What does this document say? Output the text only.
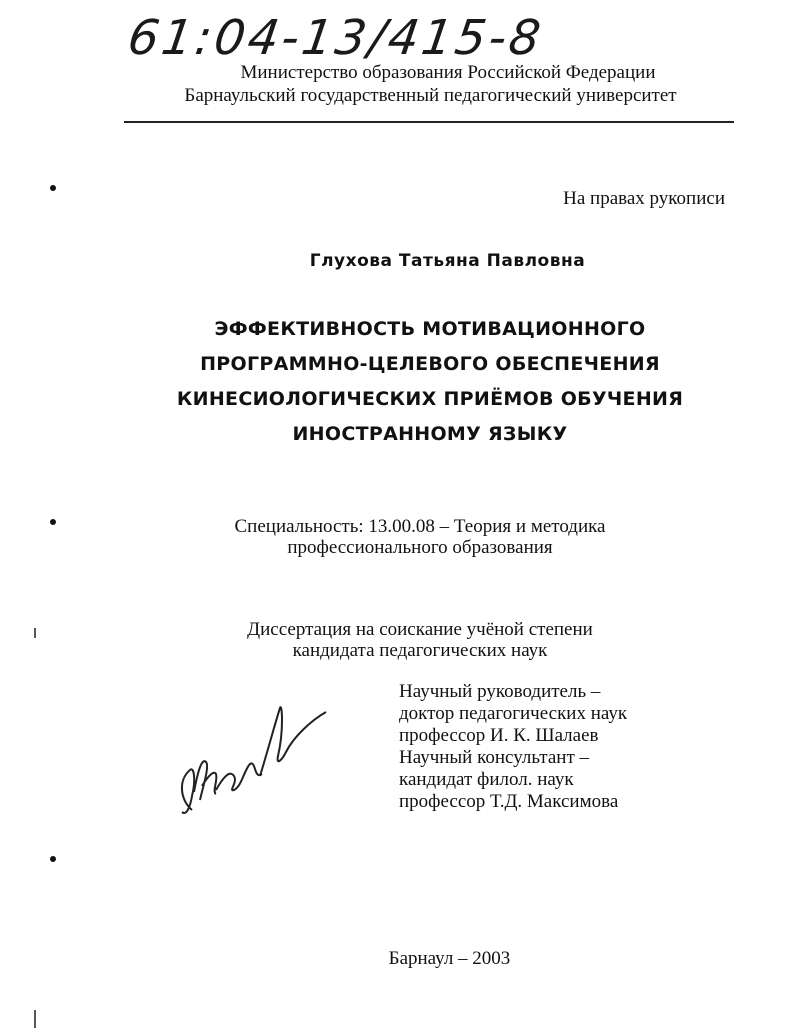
61:04-13/415-8
Министерство образования Российской Федерации
Барнаульский государственный педагогический университет
На правах рукописи
Глухова Татьяна Павловна
ЭФФЕКТИВНОСТЬ МОТИВАЦИОННОГО
ПРОГРАММНО-ЦЕЛЕВОГО ОБЕСПЕЧЕНИЯ
КИНЕСИОЛОГИЧЕСКИХ ПРИЁМОВ ОБУЧЕНИЯ
ИНОСТРАННОМУ ЯЗЫКУ
Специальность: 13.00.08 – Теория и методика
профессионального образования
Диссертация на соискание учёной степени
кандидата педагогических наук
Научный руководитель –
доктор педагогических наук
профессор И. К. Шалаев
Научный консультант –
кандидат филол. наук
профессор Т.Д. Максимова
Барнаул – 2003
